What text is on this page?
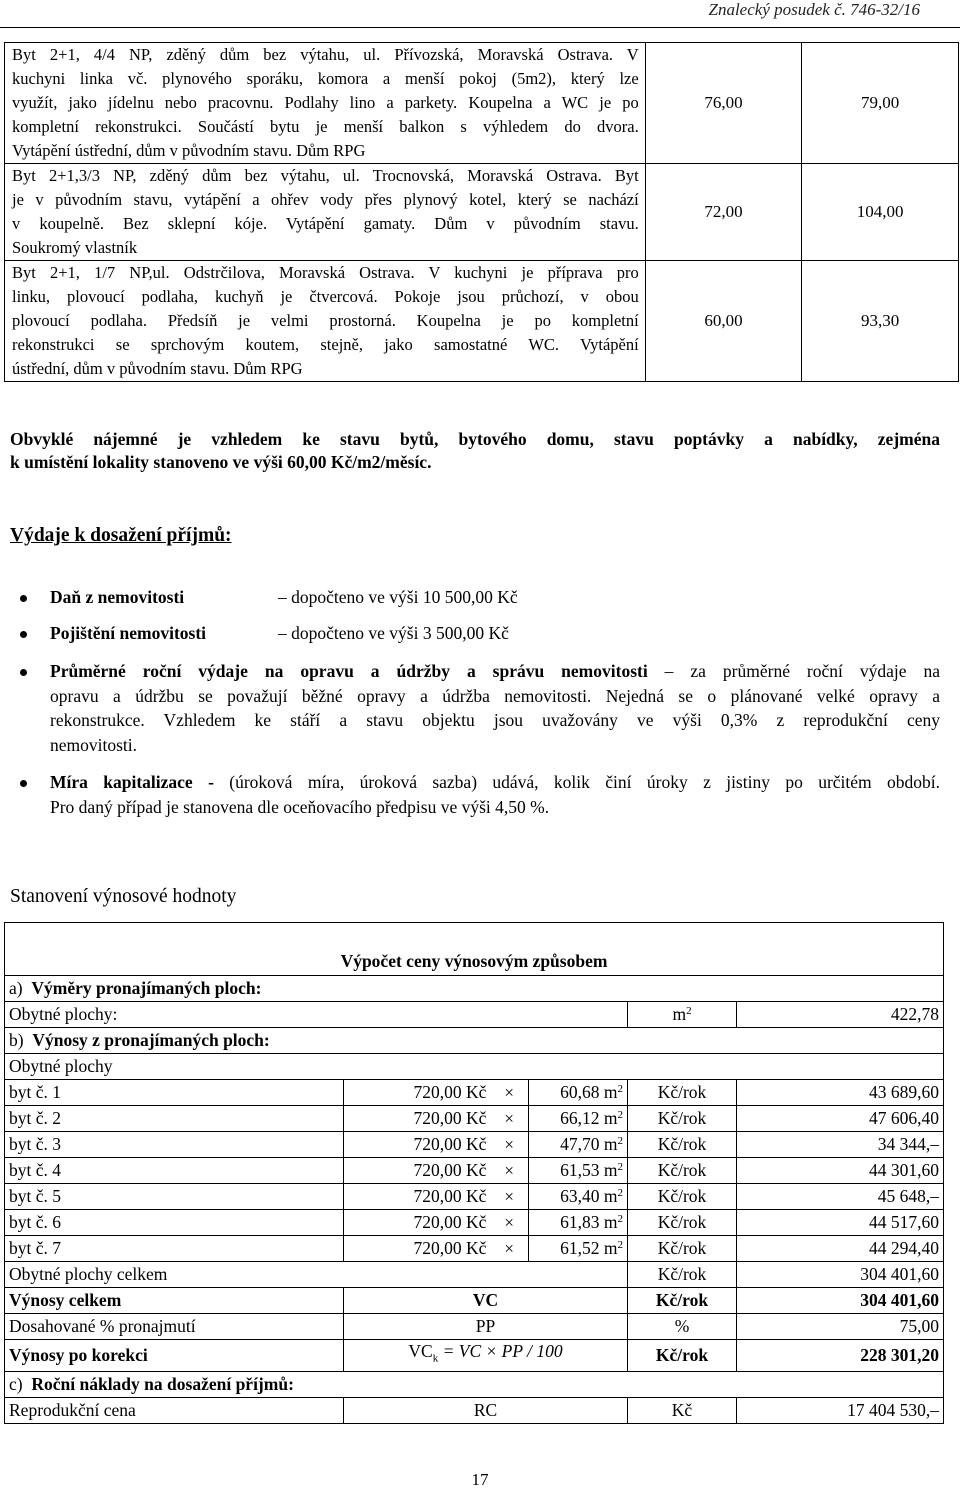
Znalecký posudek č. 746-32/16
Byt 2+1, 4/4 NP, zděný dům bez výtahu, ul. Přívozská, Moravská Ostrava. V
kuchyni linka vč. plynového sporáku, komora a menší pokoj (5m2), který lze
využít, jako jídelnu nebo pracovnu. Podlahy lino a parkety. Koupelna a WC je po
kompletní rekonstrukci. Součástí bytu je menší balkon s výhledem do dvora.
Vytápění ústřední, dům v původním stavu. Dům RPG	76,00	79,00

Byt 2+1,3/3 NP, zděný dům bez výtahu, ul. Trocnovská, Moravská Ostrava. Byt
je v původním stavu, vytápění a ohřev vody přes plynový kotel, který se nachází
v koupelně. Bez sklepní kóje. Vytápění gamaty. Dům v původním stavu.
Soukromý vlastník	72,00	104,00

Byt 2+1, 1/7 NP,ul. Odstrčilova, Moravská Ostrava. V kuchyni je příprava pro
linku, plovoucí podlaha, kuchyň je čtvercová. Pokoje jsou průchozí, v obou
plovoucí podlaha. Předsíň je velmi prostorná. Koupelna je po kompletní
rekonstrukci se sprchovým koutem, stejně, jako samostatné WC. Vytápění
ústřední, dům v původním stavu. Dům RPG	60,00	93,30
Obvyklé nájemné je vzhledem ke stavu bytů, bytového domu, stavu poptávky a nabídky, zejména
k umístění lokality stanoveno ve výši 60,00 Kč/m2/měsíc.
Výdaje k dosažení příjmů:
Daň z nemovitosti	– dopočteno ve výši 10 500,00 Kč
Pojištění nemovitosti	– dopočteno ve výši 3 500,00 Kč
Průměrné roční výdaje na opravu a údržby a správu nemovitosti – za průměrné roční výdaje na
opravu a údržbu se považují běžné opravy a údržba nemovitosti. Nejedná se o plánované velké opravy a
rekonstrukce. Vzhledem ke stáří a stavu objektu jsou uvažovány ve výši 0,3% z reprodukční ceny
nemovitosti.
Míra kapitalizace - (úroková míra, úroková sazba) udává, kolik činí úroky z jistiny po určitém období.
Pro daný případ je stanovena dle oceňovacího předpisu ve výši 4,50 %.
Stanovení výnosové hodnoty
Výpočet ceny výnosovým způsobem				
a) Výměry pronajímaných ploch:				
Obytné plochy:			$m^2$	422,78
b) Výnosy z pronajímaných ploch:				
Obytné plochy				
byt č. 1	720,00 Kč ×	60,68 $m^2$	Kč/rok	43 689,60
byt č. 2	720,00 Kč ×	66,12 $m^2$	Kč/rok	47 606,40
byt č. 3	720,00 Kč ×	47,70 $m^2$	Kč/rok	34 344,–
byt č. 4	720,00 Kč ×	61,53 $m^2$	Kč/rok	44 301,60
byt č. 5	720,00 Kč ×	63,40 $m^2$	Kč/rok	45 648,–
byt č. 6	720,00 Kč ×	61,83 $m^2$	Kč/rok	44 517,60
byt č. 7	720,00 Kč ×	61,52 $m^2$	Kč/rok	44 294,40
Obytné plochy celkem			Kč/rok	304 401,60
Výnosy celkem	VC		Kč/rok	304 401,60
Dosahované % pronajmutí	PP		%	75,00
Výnosy po korekci	$VC_k$ = VC × PP / 100		Kč/rok	228 301,20
c) Roční náklady na dosažení příjmů:				
Reprodukční cena	RC		Kč	17 404 530,–
17
